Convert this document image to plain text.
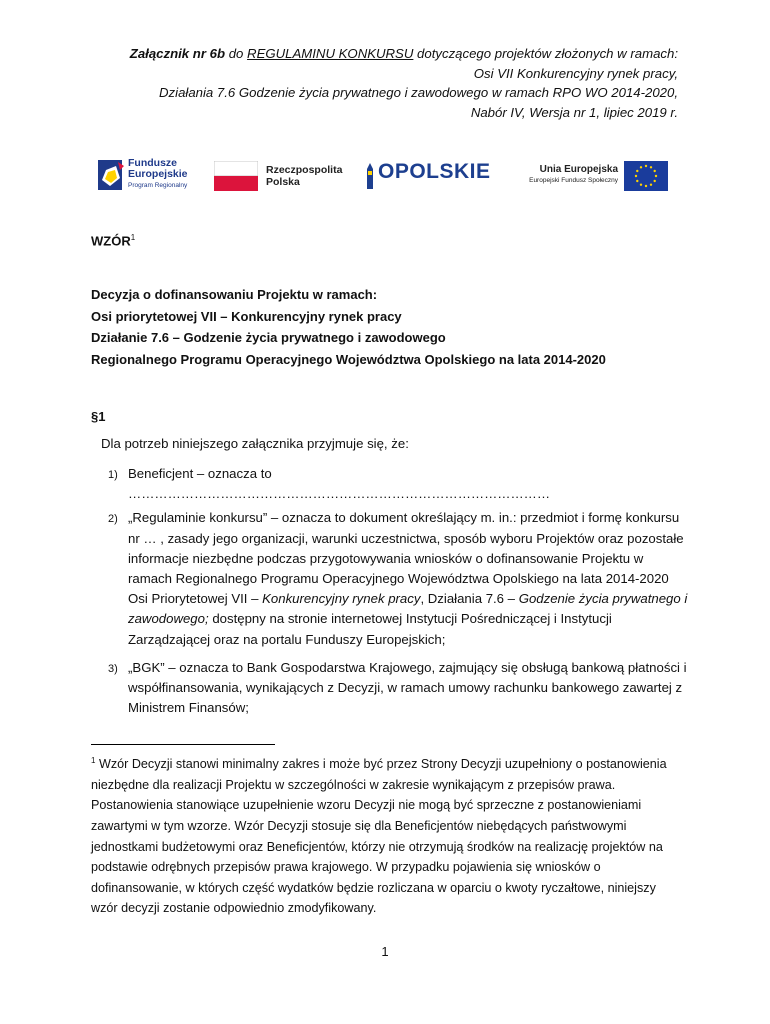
Załącznik nr 6b do REGULAMINU KONKURSU dotyczącego projektów złożonych w ramach:
Osi VII Konkurencyjny rynek pracy,
Działania 7.6 Godzenie życia prywatnego i zawodowego w ramach RPO WO 2014-2020,
Nabór IV, Wersja nr 1, lipiec 2019 r.
Fundusze
Europejskie
Program Regionalny
Rzeczpospolita
Polska	OPOLSKIE	Unia Europejska
Europejski Fundusz Społeczny
WZÓR$^1$
Decyzja o dofinansowaniu Projektu w ramach:
Osi priorytetowej VII – Konkurencyjny rynek pracy
Działanie 7.6 – Godzenie życia prywatnego i zawodowego
Regionalnego Programu Operacyjnego Województwa Opolskiego na lata 2014-2020
§1
Dla potrzeb niniejszego załącznika przyjmuje się, że:
1) Beneficjent – oznacza to ……………………………………………………………………………………
2) „Regulaminie konkursu” – oznacza to dokument określający m. in.: przedmiot i formę konkursu nr … , zasady jego organizacji, warunki uczestnictwa, sposób wyboru Projektów oraz pozostałe informacje niezbędne podczas przygotowywania wniosków o dofinansowanie Projektu w ramach Regionalnego Programu Operacyjnego Województwa Opolskiego na lata 2014-2020 Osi Priorytetowej VII – Konkurencyjny rynek pracy, Działania 7.6 – Godzenie życia prywatnego i zawodowego; dostępny na stronie internetowej Instytucji Pośredniczącej i Instytucji Zarządzającej oraz na portalu Funduszy Europejskich;
3) „BGK” – oznacza to Bank Gospodarstwa Krajowego, zajmujący się obsługą bankową płatności i współfinansowania, wynikających z Decyzji, w ramach umowy rachunku bankowego zawartej z Ministrem Finansów;
$^1$ Wzór Decyzji stanowi minimalny zakres i może być przez Strony Decyzji uzupełniony o postanowienia niezbędne dla realizacji Projektu w szczególności w zakresie wynikającym z przepisów prawa. Postanowienia stanowiące uzupełnienie wzoru Decyzji nie mogą być sprzeczne z postanowieniami zawartymi w tym wzorze. Wzór Decyzji stosuje się dla Beneficjentów niebędących państwowymi jednostkami budżetowymi oraz Beneficjentów, którzy nie otrzymują środków na realizację projektów na podstawie odrębnych przepisów prawa krajowego. W przypadku pojawienia się wniosków o dofinansowanie, w których część wydatków będzie rozliczana w oparciu o kwoty ryczałtowe, niniejszy wzór decyzji zostanie odpowiednio zmodyfikowany.
1
